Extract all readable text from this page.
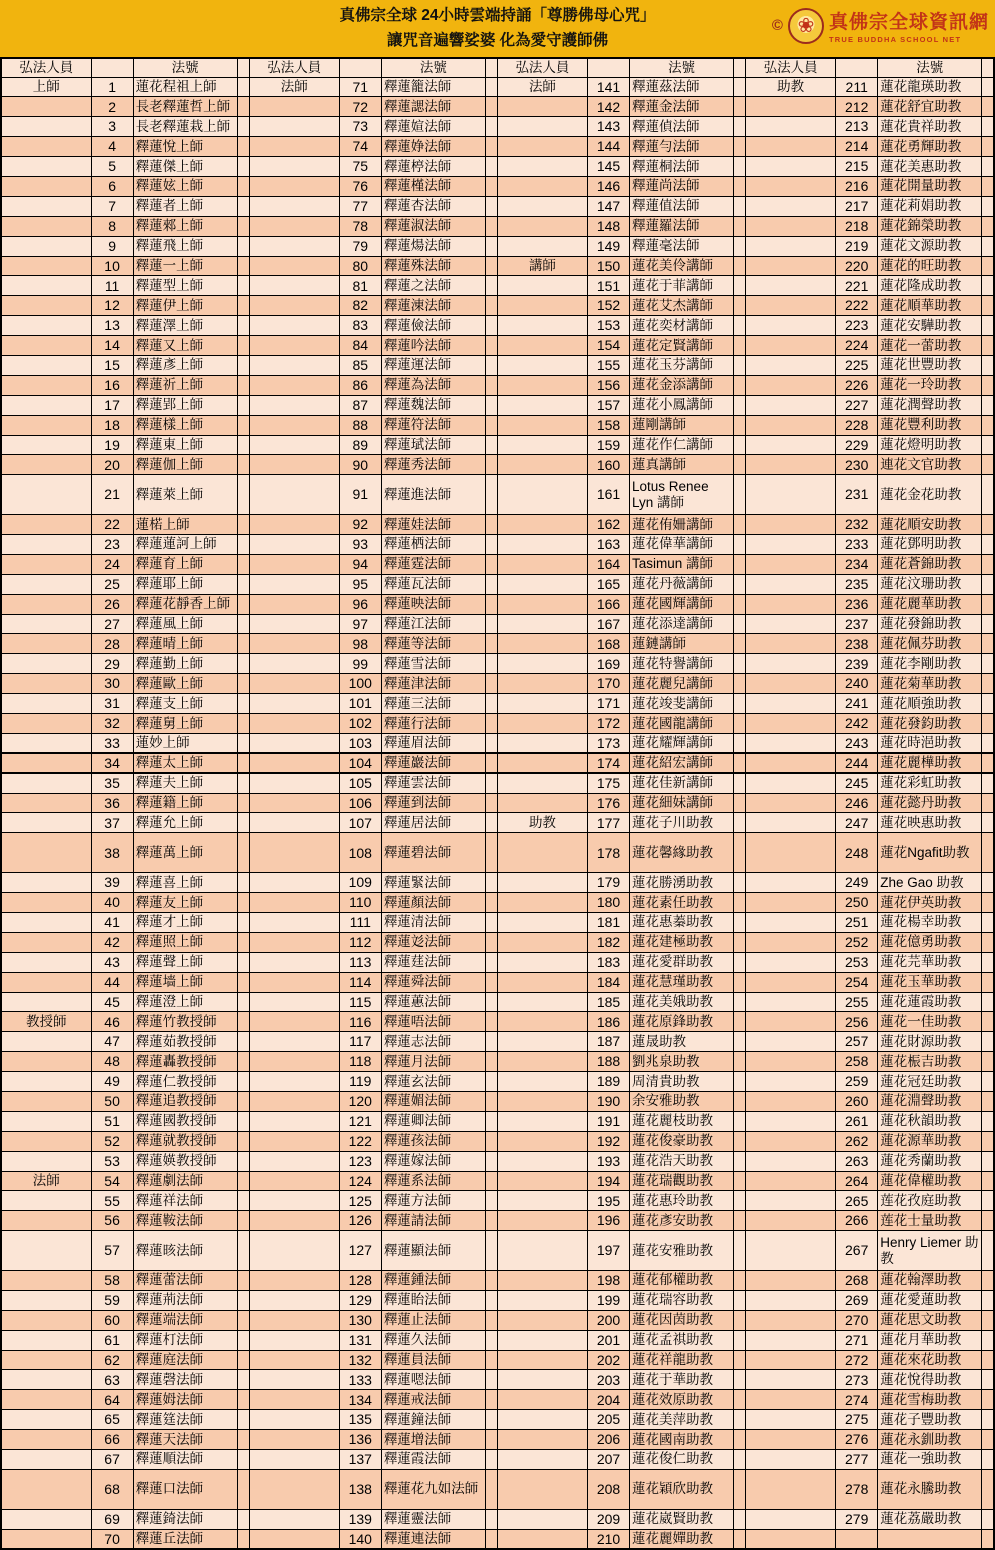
真佛宗全球 24小時雲端持誦「尊勝佛母心咒」
讓咒音遍響娑婆 化為愛守護師佛
© ❀ 真佛宗全球資訊網
TRUE BUDDHA SCHOOL NET
弘法人員		法號		弘法人員		法號		弘法人員		法號		弘法人員		法號	
上師	1	蓮花程祖上師		法師	71	釋蓮籠法師		法師	141	釋蓮茲法師		助教	211	蓮花龍瑛助教	
	2	長老釋蓮哲上師			72	釋蓮諰法師			142	釋蓮金法師			212	蓮花舒宜助教	
	3	長老釋蓮栽上師			73	釋蓮媗法師			143	釋蓮偵法師			213	蓮花貴祥助教	
	4	釋蓮悅上師			74	釋蓮婙法師			144	釋蓮勻法師			214	蓮花勇輝助教	
	5	釋蓮傑上師			75	釋蓮楟法師			145	釋蓮桐法師			215	蓮花美惠助教	
	6	釋蓮妶上師			76	釋蓮槿法師			146	釋蓮尚法師			216	蓮花開量助教	
	7	釋蓮者上師			77	釋蓮杏法師			147	釋蓮值法師			217	蓮花莉娟助教	
	8	釋蓮郲上師			78	釋蓮淑法師			148	釋蓮羅法師			218	蓮花錦榮助教	
	9	釋蓮飛上師			79	釋蓮煬法師			149	釋蓮毫法師			219	蓮花文源助教	
	10	釋蓮一上師			80	釋蓮殊法師		講師	150	蓮花美伶講師			220	蓮花的旺助教	
	11	釋蓮型上師			81	釋蓮之法師			151	蓮花于菲講師			221	蓮花隆成助教	
	12	釋蓮伊上師			82	釋蓮涷法師			152	蓮花艾杰講師			222	蓮花順華助教	
	13	釋蓮澤上師			83	釋蓮儉法師			153	蓮花奕材講師			223	蓮花安驊助教	
	14	釋蓮又上師			84	釋蓮吟法師			154	蓮花定賢講師			224	蓮花一蕾助教	
	15	釋蓮彥上師			85	釋蓮運法師			155	蓮花玉芬講師			225	蓮花世豐助教	
	16	釋蓮祈上師			86	釋蓮為法師			156	蓮花金添講師			226	蓮花一玲助教	
	17	釋蓮郢上師			87	釋蓮魏法師			157	蓮花小鳳講師			227	蓮花潤聲助教	
	18	釋蓮樣上師			88	釋蓮符法師			158	蓮剛講師			228	蓮花豐利助教	
	19	釋蓮東上師			89	釋蓮珷法師			159	蓮花作仁講師			229	蓮花燈明助教	
	20	釋蓮伽上師			90	釋蓮秀法師			160	蓮真講師			230	連花文官助教	
	21	釋蓮萊上師			91	釋蓮進法師			161	Lotus Renee Lyn 講師			231	蓮花金花助教	
	22	蓮楉上師			92	釋蓮娃法師			162	蓮花侑姍講師			232	蓮花順安助教	
	23	釋蓮蓮訶上師			93	釋蓮栖法師			163	蓮花偉華講師			233	蓮花鄧明助教	
	24	釋蓮育上師			94	釋蓮霆法師			164	Tasimun 講師			234	蓮花蒼錦助教	
	25	釋蓮耶上師			95	釋蓮瓦法師			165	蓮花丹薇講師			235	蓮花汶珊助教	
	26	釋蓮花靜香上師			96	釋蓮映法師			166	蓮花國輝講師			236	蓮花麗華助教	
	27	釋蓮風上師			97	釋蓮江法師			167	蓮花添達講師			237	蓮花發錦助教	
	28	釋蓮晴上師			98	釋蓮等法師			168	蓮鏈講師			238	蓮花佩芬助教	
	29	釋蓮勤上師			99	釋蓮雪法師			169	蓮花特譽講師			239	蓮花李剛助教	
	30	釋蓮歐上師			100	釋蓮津法師			170	蓮花麗兒講師			240	蓮花菊華助教	
	31	釋蓮支上師			101	釋蓮三法師			171	蓮花竣斐講師			241	蓮花順強助教	
	32	釋蓮舅上師			102	釋蓮行法師			172	蓮花國龍講師			242	蓮花發鈞助教	
	33	蓮妙上師			103	釋蓮眉法師			173	蓮花耀輝講師			243	蓮花時浥助教	
	34	釋蓮太上師			104	釋蓮巖法師			174	蓮花紹宏講師			244	蓮花麗樺助教	
	35	釋蓮夫上師			105	釋蓮雲法師			175	蓮花佳新講師			245	蓮花彩虹助教	
	36	釋蓮籍上師			106	釋蓮到法師			176	蓮花細妹講師			246	蓮花懿丹助教	
	37	釋蓮允上師			107	釋蓮居法師		助教	177	蓮花子川助教			247	蓮花映惠助教	
	38	釋蓮萬上師			108	釋蓮碧法師			178	蓮花馨緣助教			248	蓮花Ngafit助教	
	39	釋蓮喜上師			109	釋蓮緊法師			179	蓮花勝湧助教			249	Zhe Gao 助教	
	40	釋蓮友上師			110	釋蓮顏法師			180	蓮花素任助教			250	蓮花伊英助教	
	41	釋蓮才上師			111	釋蓮清法師			181	蓮花惠蓁助教			251	蓮花楊幸助教	
	42	釋蓮照上師			112	釋蓮彣法師			182	蓮花建極助教			252	蓮花億勇助教	
	43	釋蓮聲上師			113	釋蓮莛法師			183	蓮花愛群助教			253	蓮花芫華助教	
	44	釋蓮墙上師			114	釋蓮舜法師			184	蓮花慧瑾助教			254	蓮花玉華助教	
	45	釋蓮澄上師			115	釋蓮蕙法師			185	蓮花美娥助教			255	蓮花蓮霞助教	
教授師	46	釋蓮竹教授師			116	釋蓮唔法師			186	蓮花原鋒助教			256	蓮花一佳助教	
	47	釋蓮茹教授師			117	釋蓮志法師			187	蓮晟助教			257	蓮花財源助教	
	48	釋蓮轟教授師			118	釋蓮月法師			188	劉兆泉助教			258	蓮花桭吉助教	
	49	釋蓮仁教授師			119	釋蓮玄法師			189	周清貴助教			259	蓮花冠廷助教	
	50	釋蓮追教授師			120	釋蓮媚法師			190	余安雅助教			260	蓮花淵聲助教	
	51	釋蓮國教授師			121	釋蓮卿法師			191	蓮花麗枝助教			261	蓮花秋韻助教	
	52	釋蓮就教授師			122	釋蓮孩法師			192	蓮花俊豪助教			262	蓮花源華助教	
	53	釋蓮媖教授師			123	釋蓮嫁法師			193	蓮花浩天助教			263	蓮花秀蘭助教	
法師	54	釋蓮劇法師			124	釋蓮系法師			194	蓮花瑞觀助教			264	蓮花偉權助教	
	55	釋蓮祥法師			125	釋蓮方法師			195	蓮花惠玲助教			265	莲花孜庭助教	
	56	釋蓮鞍法師			126	釋蓮請法師			196	蓮花彥安助教			266	莲花士量助教	
	57	釋蓮晐法師			127	釋蓮顯法師			197	蓮花安雅助教			267	Henry Liemer 助教	
	58	釋蓮蕾法師			128	釋蓮鍾法師			198	蓮花郁權助教			268	蓮花翰澤助教	
	59	釋蓮荊法師			129	釋蓮眙法師			199	蓮花瑞容助教			269	蓮花愛蓮助教	
	60	釋蓮端法師			130	釋蓮止法師			200	蓮花因茵助教			270	蓮花思文助教	
	61	釋蓮朾法師			131	釋蓮久法師			201	蓮花孟祺助教			271	蓮花月華助教	
	62	釋蓮庭法師			132	釋蓮員法師			202	蓮花祥龍助教			272	蓮花來花助教	
	63	釋蓮磬法師			133	釋蓮嗯法師			203	蓮花于華助教			273	蓮花悅得助教	
	64	釋蓮姆法師			134	釋蓮戒法師			204	蓮花效原助教			274	蓮花雪梅助教	
	65	釋蓮筳法師			135	釋蓮鐘法師			205	蓮花美萍助教			275	蓮花子豐助教	
	66	釋蓮天法師			136	釋蓮增法師			206	蓮花國南助教			276	蓮花永釧助教	
	67	釋蓮順法師			137	釋蓮霞法師			207	蓮花俊仁助教			277	蓮花一強助教	
	68	釋蓮口法師			138	釋蓮花九如法師			208	蓮花穎欣助教			278	蓮花永騰助教	
	69	釋蓮錡法師			139	釋蓮靈法師			209	蓮花崴賢助教			279	蓮花荔嚴助教	
	70	釋蓮丘法師			140	釋蓮連法師			210	蓮花麗嬋助教					
